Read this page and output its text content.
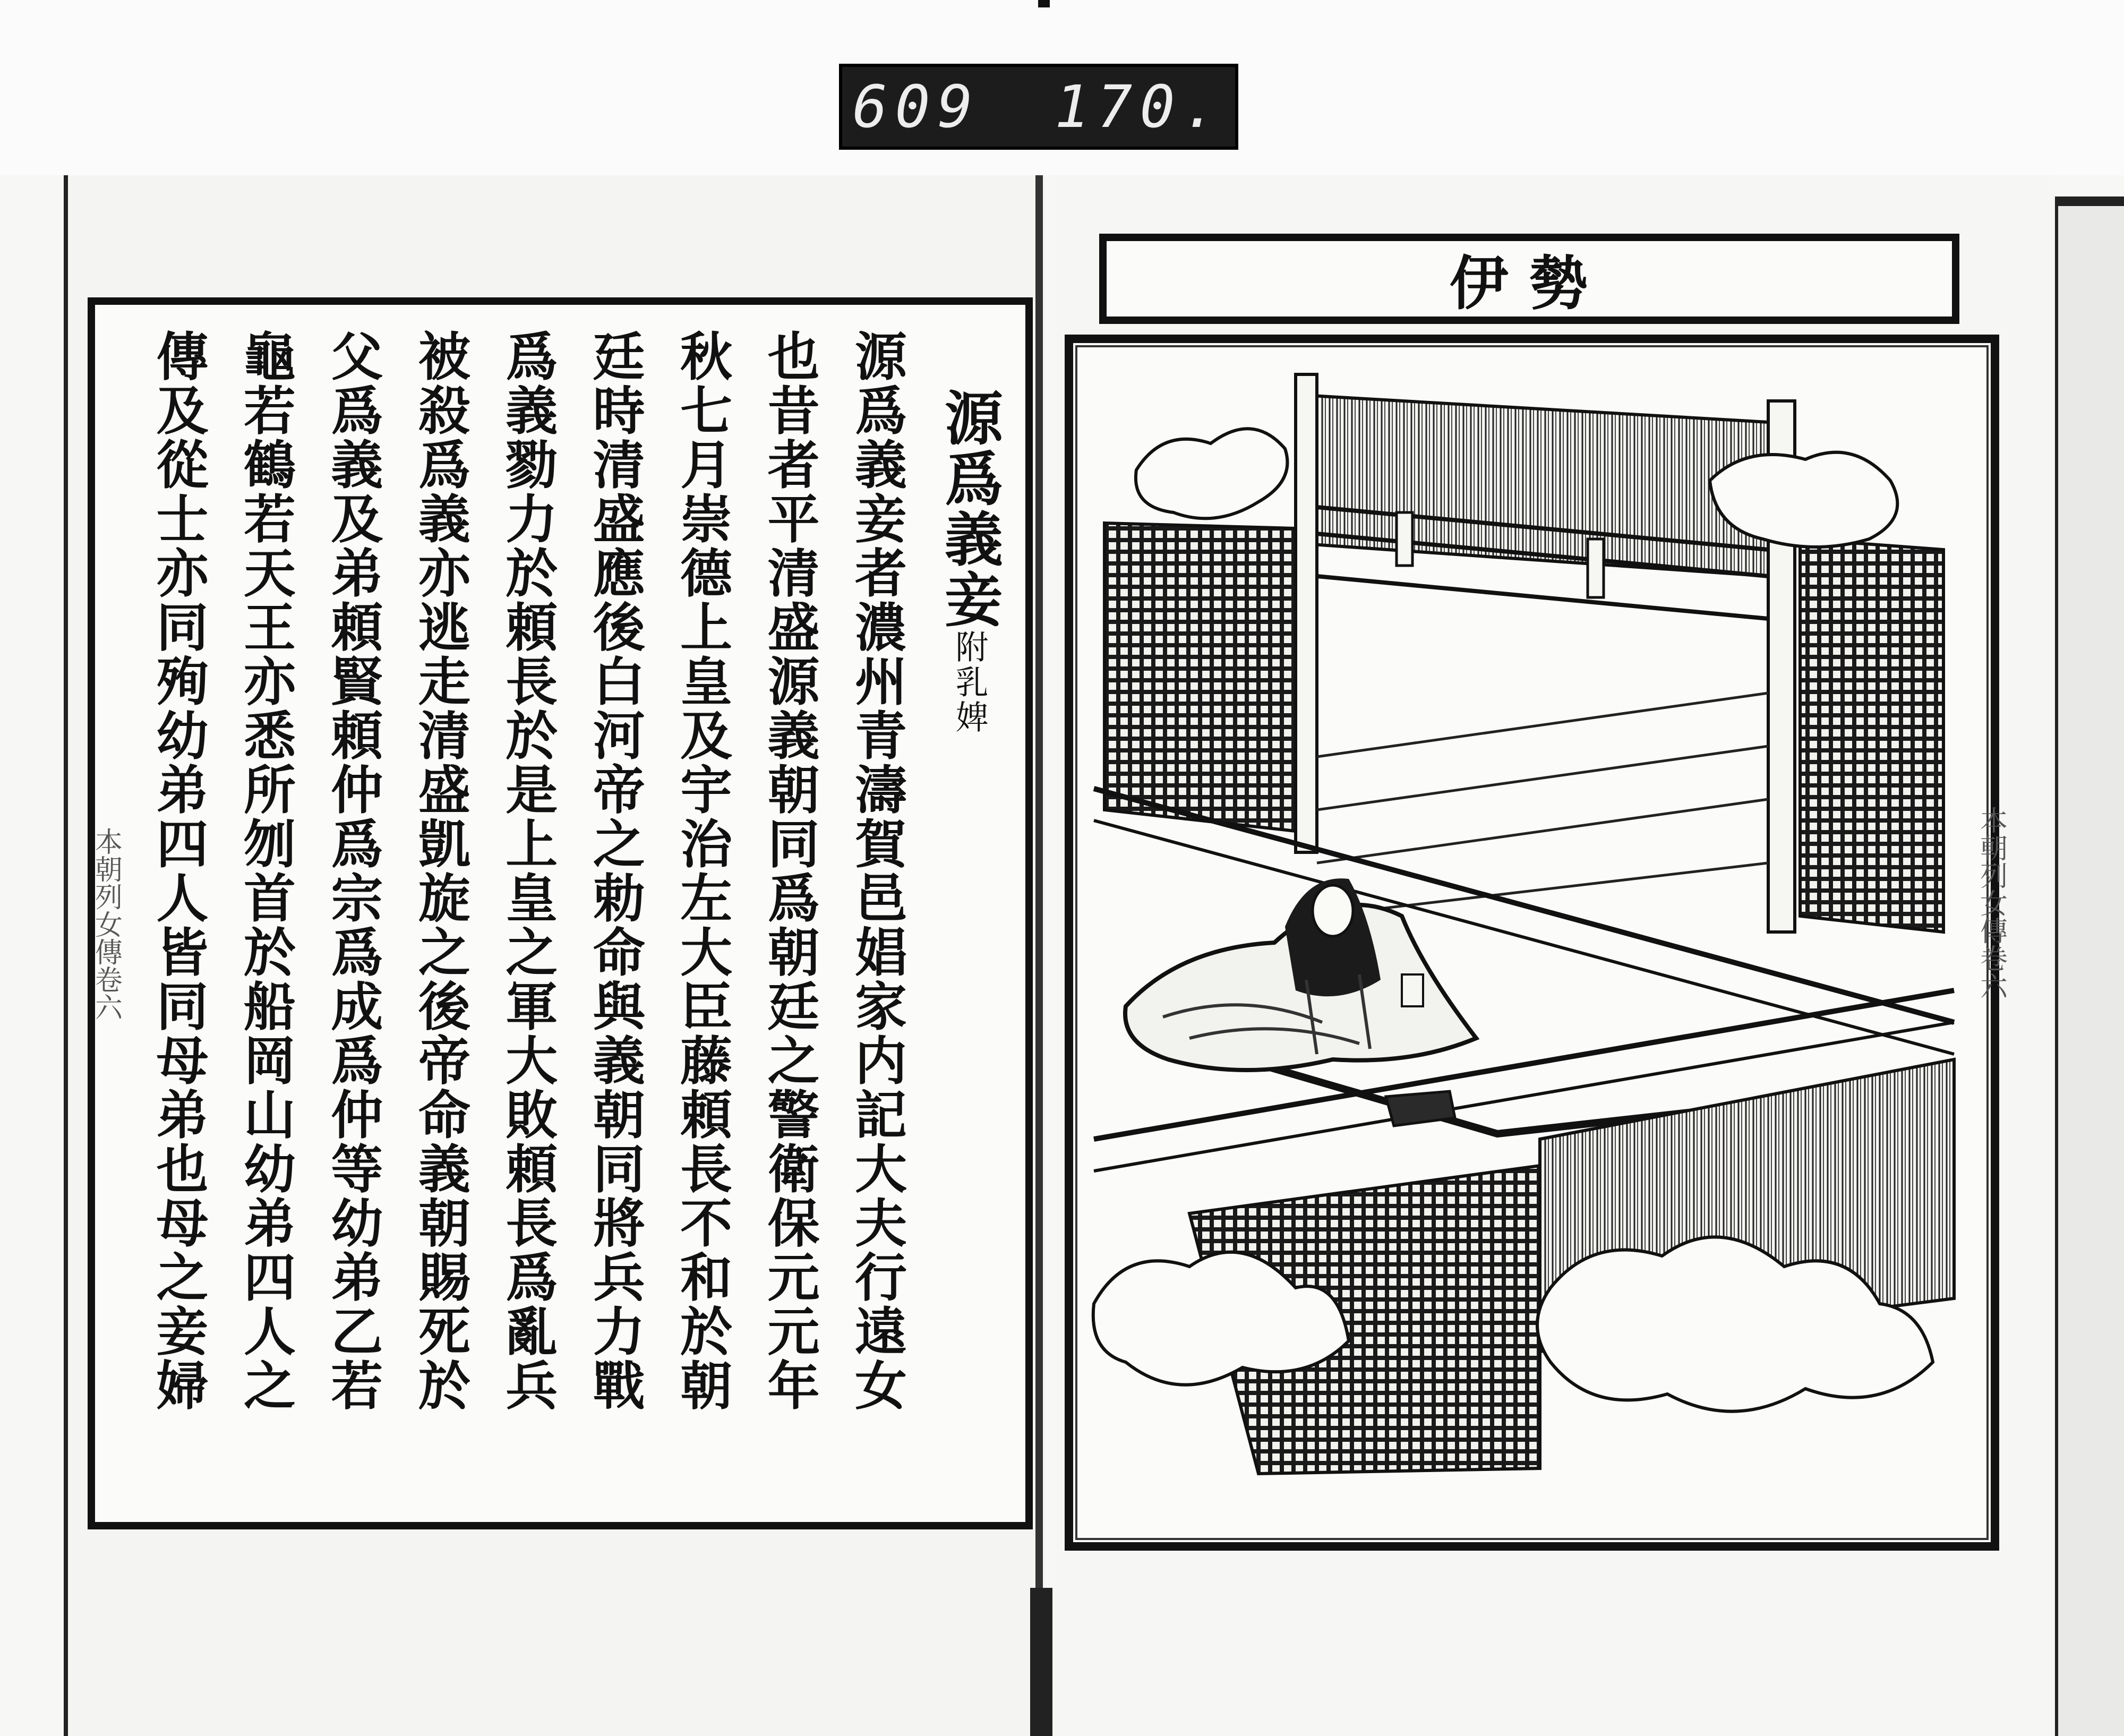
609 170.
本朝列女傳卷六
源爲義妾附乳婢
源爲義妾者濃州青濤賀邑娼家内記大夫行遠女
也昔者平清盛源義朝同爲朝廷之警衛保元元年
秋七月崇德上皇及宇治左大臣藤頼長不和於朝
廷時清盛應後白河帝之勅命與義朝同將兵力戰
爲義勠力於頼長於是上皇之軍大敗頼長爲亂兵
被殺爲義亦逃走清盛凱旋之後帝命義朝賜死於
父爲義及弟頼賢頼仲爲宗爲成爲仲等幼弟乙若
龜若鶴若天王亦悉所刎首於船岡山幼弟四人之
傳及從士亦同殉幼弟四人皆同母弟也母之妾婦
伊勢
本朝列女傳卷六
